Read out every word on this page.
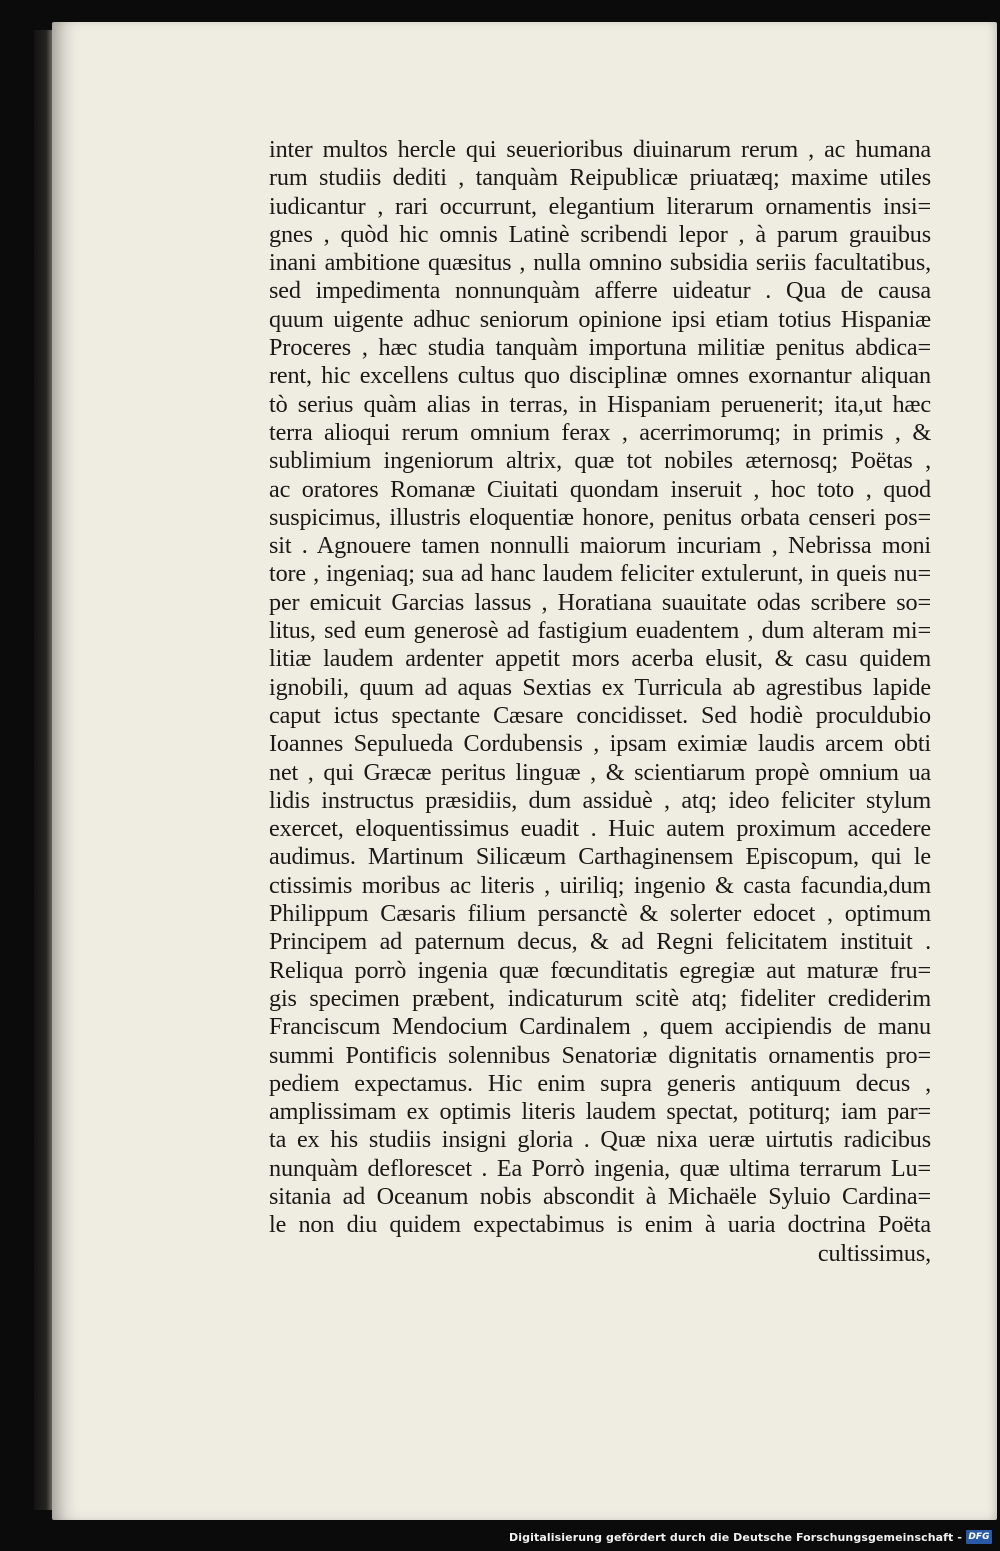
inter multos hercle qui seuerioribus diuinarum rerum , ac humana
rum studiis dediti , tanquàm Reipublicæ priuatæq; maxime utiles
iudicantur , rari occurrunt, elegantium literarum ornamentis insi=
gnes , quòd hic omnis Latinè scribendi lepor , à parum grauibus
inani ambitione quæsitus , nulla omnino subsidia seriis facultatibus,
sed impedimenta nonnunquàm afferre uideatur . Qua de causa
quum uigente adhuc seniorum opinione ipsi etiam totius Hispaniæ
Proceres , hæc studia tanquàm importuna militiæ penitus abdica=
rent, hic excellens cultus quo disciplinæ omnes exornantur aliquan
tò serius quàm alias in terras, in Hispaniam peruenerit; ita,ut hæc
terra alioqui rerum omnium ferax , acerrimorumq; in primis , &
sublimium ingeniorum altrix, quæ tot nobiles æternosq; Poëtas ,
ac oratores Romanæ Ciuitati quondam inseruit , hoc toto , quod
suspicimus, illustris eloquentiæ honore, penitus orbata censeri pos=
sit . Agnouere tamen nonnulli maiorum incuriam , Nebrissa moni
tore , ingeniaq; sua ad hanc laudem feliciter extulerunt, in queis nu=
per emicuit Garcias lassus , Horatiana suauitate odas scribere so=
litus, sed eum generosè ad fastigium euadentem , dum alteram mi=
litiæ laudem ardenter appetit mors acerba elusit, & casu quidem
ignobili, quum ad aquas Sextias ex Turricula ab agrestibus lapide
caput ictus spectante Cæsare concidisset. Sed hodiè proculdubio
Ioannes Sepulueda Cordubensis , ipsam eximiæ laudis arcem obti
net , qui Græcæ peritus linguæ , & scientiarum propè omnium ua
lidis instructus præsidiis, dum assiduè , atq; ideo feliciter stylum
exercet, eloquentissimus euadit . Huic autem proximum accedere
audimus. Martinum Silicæum Carthaginensem Episcopum, qui le
ctissimis moribus ac literis , uiriliq; ingenio & casta facundia,dum
Philippum Cæsaris filium persanctè & solerter edocet , optimum
Principem ad paternum decus, & ad Regni felicitatem instituit .
Reliqua porrò ingenia quæ fœcunditatis egregiæ aut maturæ fru=
gis specimen præbent, indicaturum scitè atq; fideliter crediderim
Franciscum Mendocium Cardinalem , quem accipiendis de manu
summi Pontificis solennibus Senatoriæ dignitatis ornamentis pro=
pediem expectamus. Hic enim supra generis antiquum decus ,
amplissimam ex optimis literis laudem spectat, potiturq; iam par=
ta ex his studiis insigni gloria . Quæ nixa ueræ uirtutis radicibus
nunquàm deflorescet . Ea Porrò ingenia, quæ ultima terrarum Lu=
sitania ad Oceanum nobis abscondit à Michaële Syluio Cardina=
le non diu quidem expectabimus is enim à uaria doctrina Poëta
cultissimus,
Digitalisierung gefördert durch die Deutsche Forschungsgemeinschaft - DFG
